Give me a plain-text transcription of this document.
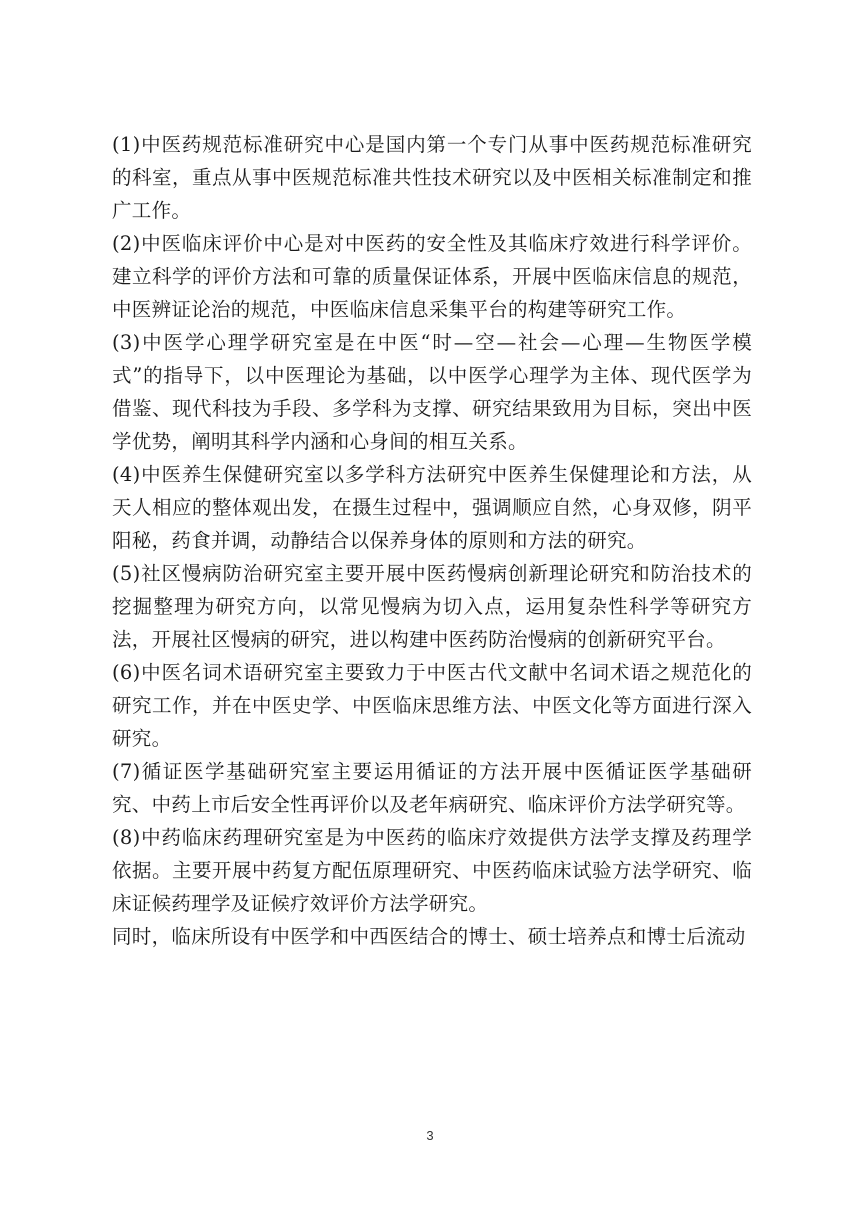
(1)中医药规范标准研究中心是国内第一个专门从事中医药规范标准研究的科室，重点从事中医规范标准共性技术研究以及中医相关标准制定和推广工作。

(2)中医临床评价中心是对中医药的安全性及其临床疗效进行科学评价。建立科学的评价方法和可靠的质量保证体系，开展中医临床信息的规范，中医辨证论治的规范，中医临床信息采集平台的构建等研究工作。

(3)中医学心理学研究室是在中医“时—空—社会—心理—生物医学模式”的指导下，以中医理论为基础，以中医学心理学为主体、现代医学为借鉴、现代科技为手段、多学科为支撑、研究结果致用为目标，突出中医学优势，阐明其科学内涵和心身间的相互关系。

(4)中医养生保健研究室以多学科方法研究中医养生保健理论和方法，从天人相应的整体观出发，在摄生过程中，强调顺应自然，心身双修，阴平阳秘，药食并调，动静结合以保养身体的原则和方法的研究。

(5)社区慢病防治研究室主要开展中医药慢病创新理论研究和防治技术的挖掘整理为研究方向，以常见慢病为切入点，运用复杂性科学等研究方法，开展社区慢病的研究，进以构建中医药防治慢病的创新研究平台。

(6)中医名词术语研究室主要致力于中医古代文献中名词术语之规范化的研究工作，并在中医史学、中医临床思维方法、中医文化等方面进行深入研究。

(7)循证医学基础研究室主要运用循证的方法开展中医循证医学基础研究、中药上市后安全性再评价以及老年病研究、临床评价方法学研究等。

(8)中药临床药理研究室是为中医药的临床疗效提供方法学支撑及药理学依据。主要开展中药复方配伍原理研究、中医药临床试验方法学研究、临床证候药理学及证候疗效评价方法学研究。

同时，临床所设有中医学和中西医结合的博士、硕士培养点和博士后流动

3
